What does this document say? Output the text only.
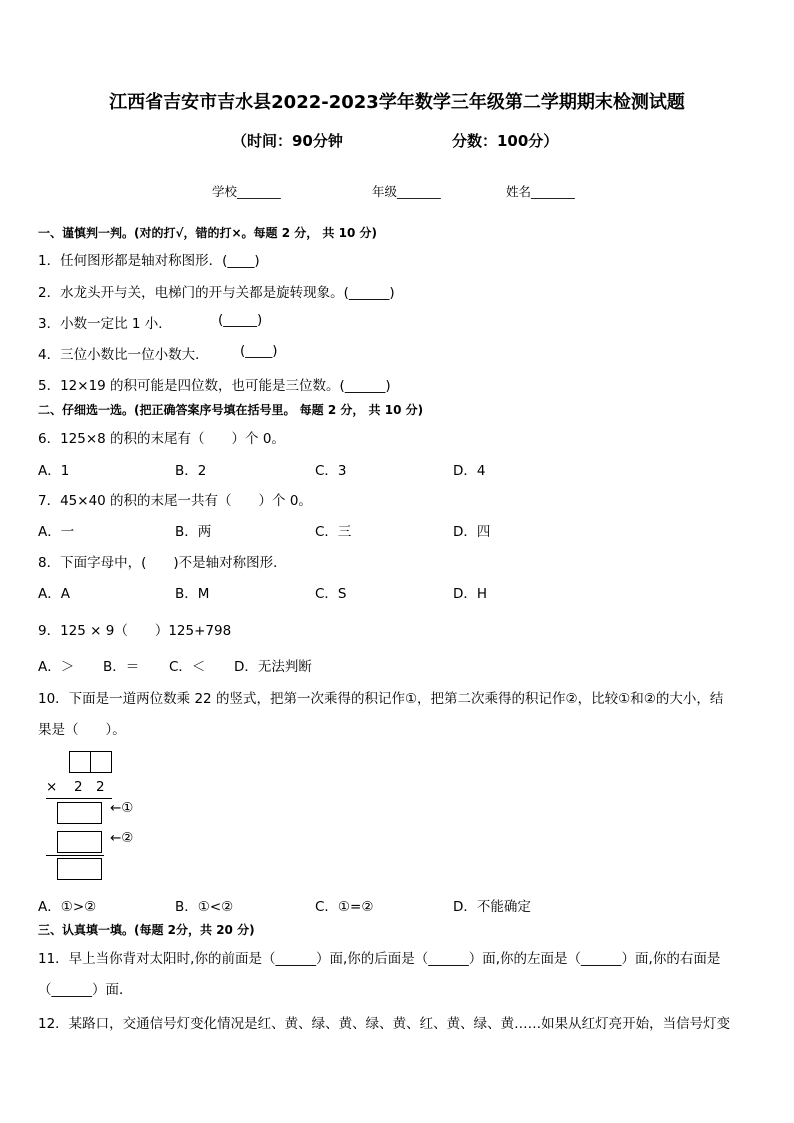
江西省吉安市吉水县2022-2023学年数学三年级第二学期期末检测试题
（时间：90分钟	分数：100分）
学校_______	年级_______	姓名_______
一、谨慎判一判。(对的打√，错的打×。每题 2 分， 共 10 分)
1．任何图形都是轴对称图形．(____)
2．水龙头开与关，电梯门的开与关都是旋转现象。(______)
3．小数一定比 1 小．	(_____)
4．三位小数比一位小数大． (____)
5．12×19 的积可能是四位数，也可能是三位数。(______)
二、仔细选一选。(把正确答案序号填在括号里。 每题 2 分， 共 10 分)
6．125×8 的积的末尾有（　　）个 0。
A．1	B．2	C．3	D．4
7．45×40 的积的末尾一共有（　　）个 0。
A．一	B．两	C．三	D．四
8．下面字母中，(　　)不是轴对称图形．
A．A	B．M	C．S	D．H
9．125 × 9（　　）125+798
A．＞ B．＝ C．＜ D．无法判断
10．下面是一道两位数乘 22 的竖式，把第一次乘得的积记作①，把第二次乘得的积记作②，比较①和②的大小，结
果是（　　）。
× 2 2
←①
←②
A．①>②	B．①<②	C．①=②	D．不能确定
三、认真填一填。(每题 2分，共 20 分)
11．早上当你背对太阳时,你的前面是（______）面,你的后面是（______）面,你的左面是（______）面,你的右面是
（______）面．
12．某路口，交通信号灯变化情况是红、黄、绿、黄、绿、黄、红、黄、绿、黄……如果从红灯亮开始，当信号灯变
